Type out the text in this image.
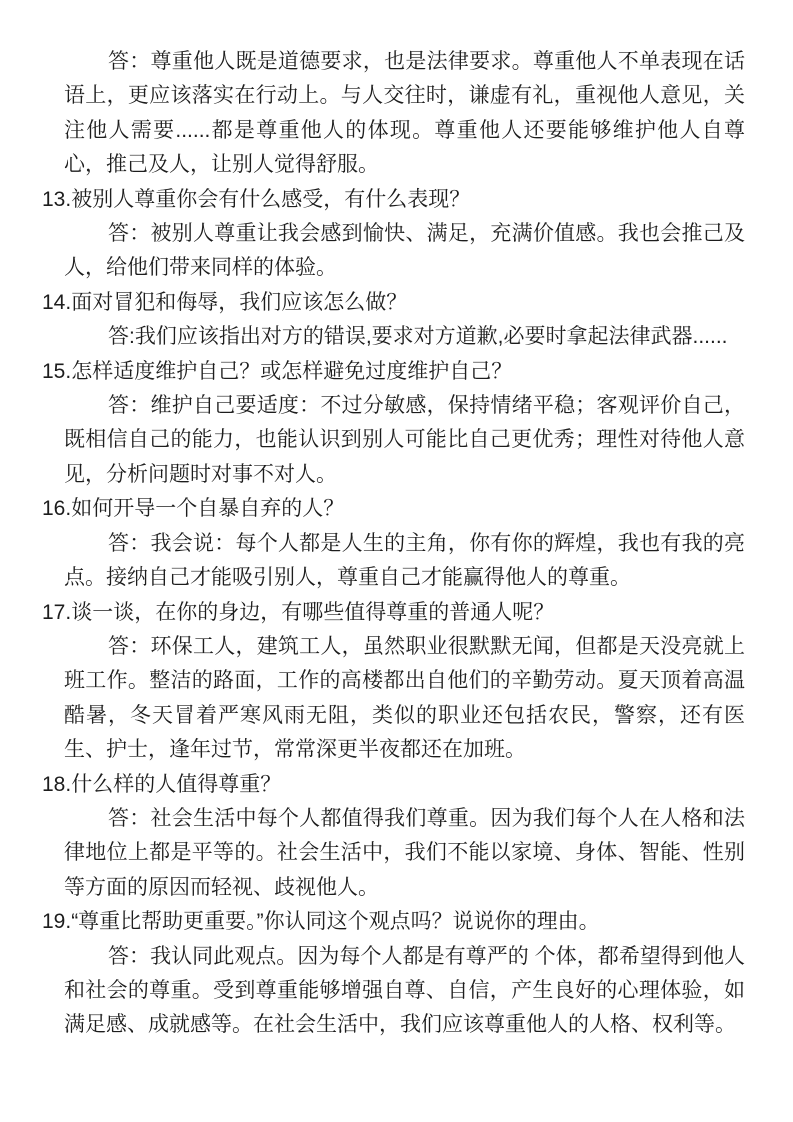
答：尊重他人既是道德要求，也是法律要求。尊重他人不单表现在话语上，更应该落实在行动上。与人交往时，谦虚有礼，重视他人意见，关注他人需要......都是尊重他人的体现。尊重他人还要能够维护他人自尊心，推己及人，让别人觉得舒服。

13.被别人尊重你会有什么感受，有什么表现？

答：被别人尊重让我会感到愉快、满足，充满价值感。我也会推己及人，给他们带来同样的体验。

14.面对冒犯和侮辱，我们应该怎么做？

答:我们应该指出对方的错误,要求对方道歉,必要时拿起法律武器......

15.怎样适度维护自己？或怎样避免过度维护自己？

答：维护自己要适度：不过分敏感，保持情绪平稳；客观评价自己，既相信自己的能力，也能认识到别人可能比自己更优秀；理性对待他人意见，分析问题时对事不对人。

16.如何开导一个自暴自弃的人？

答：我会说：每个人都是人生的主角，你有你的辉煌，我也有我的亮点。接纳自己才能吸引别人，尊重自己才能赢得他人的尊重。

17.谈一谈，在你的身边，有哪些值得尊重的普通人呢？

答：环保工人，建筑工人，虽然职业很默默无闻，但都是天没亮就上班工作。整洁的路面，工作的高楼都出自他们的辛勤劳动。夏天顶着高温酷暑，冬天冒着严寒风雨无阻，类似的职业还包括农民，警察，还有医生、护士，逢年过节，常常深更半夜都还在加班。

18.什么样的人值得尊重？

答：社会生活中每个人都值得我们尊重。因为我们每个人在人格和法律地位上都是平等的。社会生活中，我们不能以家境、身体、智能、性别等方面的原因而轻视、歧视他人。

19.“尊重比帮助更重要。”你认同这个观点吗？说说你的理由。

答：我认同此观点。因为每个人都是有尊严的 个体，都希望得到他人和社会的尊重。受到尊重能够增强自尊、自信，产生良好的心理体验，如满足感、成就感等。在社会生活中，我们应该尊重他人的人格、权利等。
